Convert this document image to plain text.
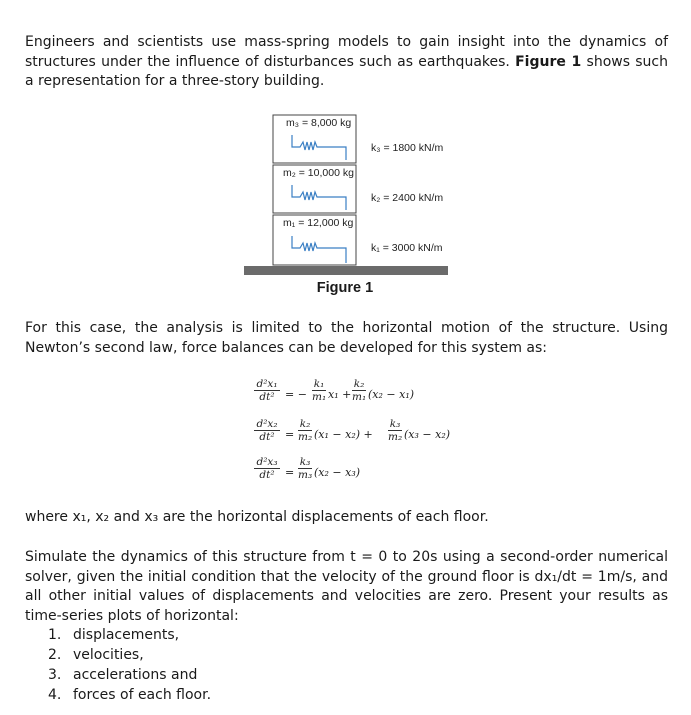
Engineers and scientists use mass-spring models to gain insight into the dynamics of structures under the influence of disturbances such as earthquakes. Figure 1 shows such a representation for a three-story building.
m₃ = 8,000 kg
m₂ = 10,000 kg
m₁ = 12,000 kg
k₃ = 1800 kN/m
k₂ = 2400 kN/m
k₁ = 3000 kN/m
Figure 1
For this case, the analysis is limited to the horizontal motion of the structure. Using Newton’s second law, force balances can be developed for this system as:
$\frac{\text{d²x₁}}{\text{dt²}}$ = − $\frac{\text{k₁}}{\text{m₁}} x_1 + \frac{\text{k₂}}{\text{m₁}} (x_2 - x_1)$
$\frac{\text{d²x₂}}{\text{dt²}} = \frac{\text{k₂}}{\text{m₂}} (x_1 - x_2) + \frac{\text{k₃}}{\text{m₂}} (x_3 - x_2)$
$\frac{\text{d²x₃}}{\text{dt²}} = \frac{\text{k₃}}{\text{m₃}} (x_2 - x_3)$
where x₁, x₂ and x₃ are the horizontal displacements of each floor.
Simulate the dynamics of this structure from t = 0 to 20s using a second-order numerical solver, given the initial condition that the velocity of the ground floor is dx₁/dt = 1m/s, and all other initial values of displacements and velocities are zero. Present your results as time-series plots of horizontal:
1. displacements,
2. velocities,
3. accelerations and
4. forces of each floor.
